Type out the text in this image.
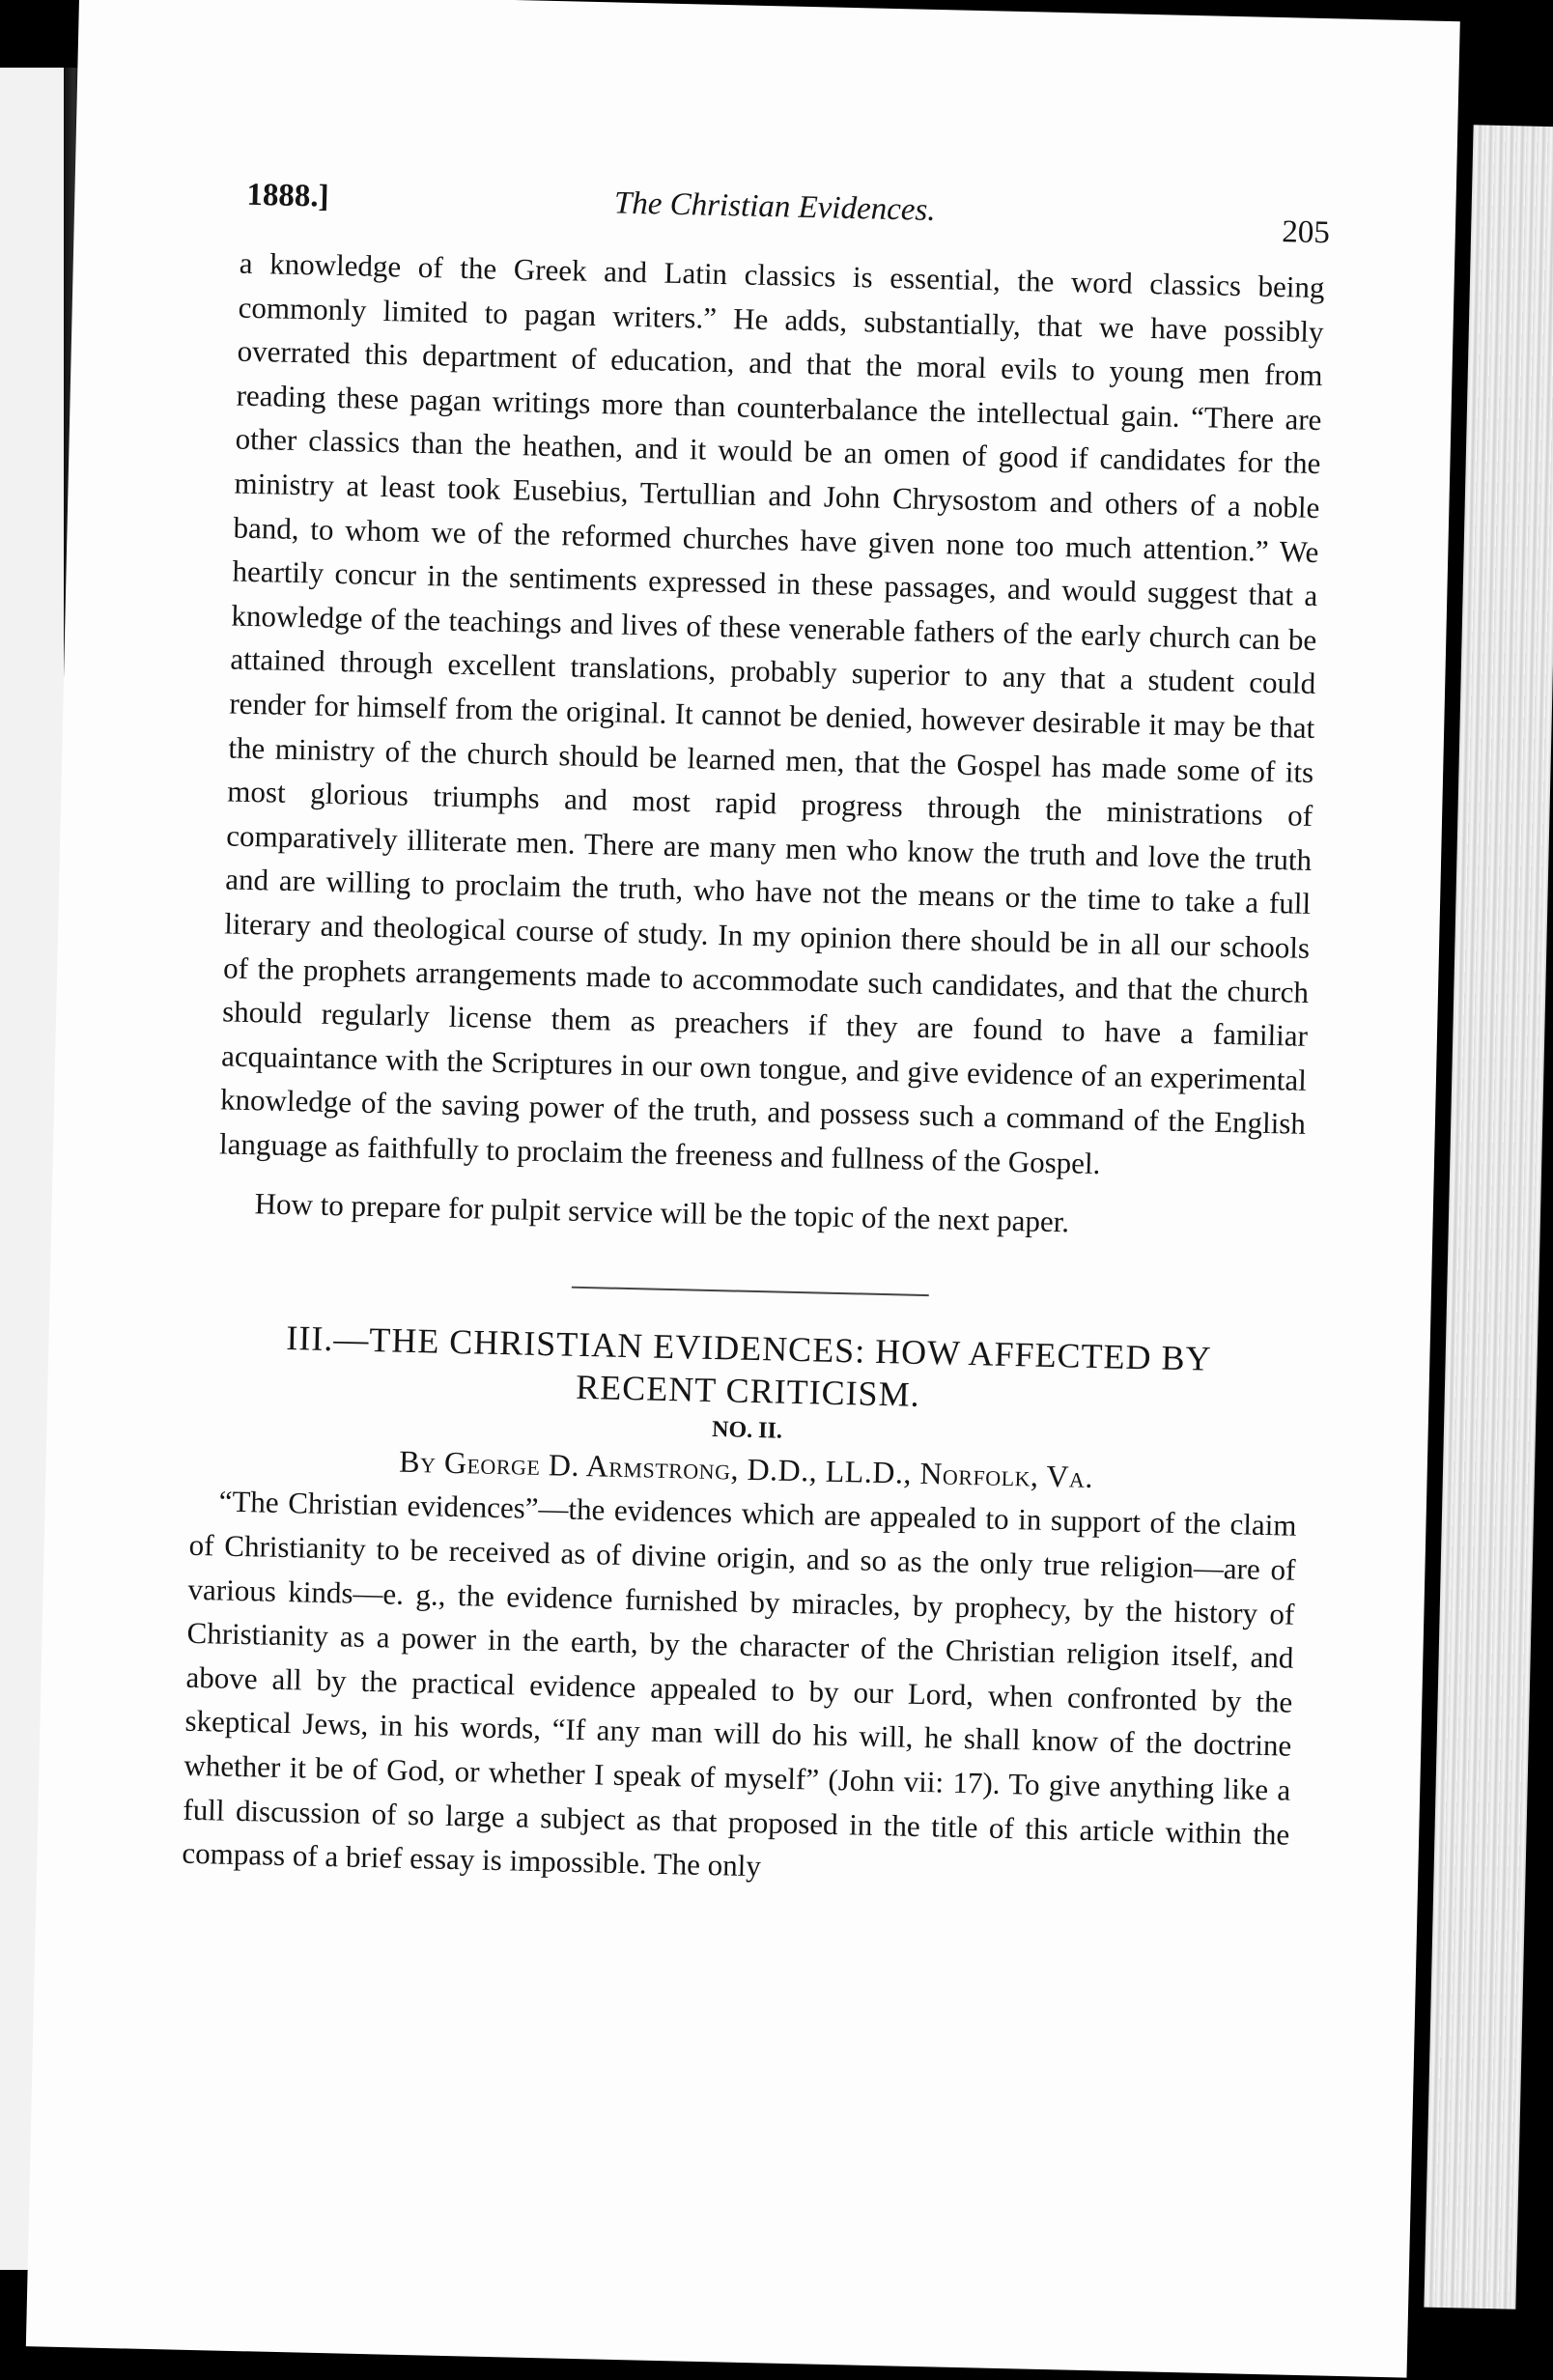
1888.]	The Christian Evidences.
205

a knowledge of the Greek and Latin classics is essential, the word classics being commonly limited to pagan writers.” He adds, substantially, that we have possibly overrated this department of education, and that the moral evils to young men from reading these pagan writings more than counterbalance the intellectual gain. “There are other classics than the heathen, and it would be an omen of good if candidates for the ministry at least took Eusebius, Tertullian and John Chrysostom and others of a noble band, to whom we of the reformed churches have given none too much attention.” We heartily concur in the sentiments expressed in these passages, and would suggest that a knowledge of the teachings and lives of these venerable fathers of the early church can be attained through excellent translations, probably superior to any that a student could render for himself from the original. It cannot be denied, however desirable it may be that the ministry of the church should be learned men, that the Gospel has made some of its most glorious triumphs and most rapid progress through the ministrations of comparatively illiterate men. There are many men who know the truth and love the truth and are willing to proclaim the truth, who have not the means or the time to take a full literary and theological course of study. In my opinion there should be in all our schools of the prophets arrangements made to accommodate such candidates, and that the church should regularly license them as preachers if they are found to have a familiar acquaintance with the Scriptures in our own tongue, and give evidence of an experimental knowledge of the saving power of the truth, and possess such a command of the English language as faithfully to proclaim the freeness and fullness of the Gospel.

How to prepare for pulpit service will be the topic of the next paper.

III.—THE CHRISTIAN EVIDENCES: HOW AFFECTED BY

RECENT CRITICISM.

NO. II.

By George D. Armstrong, D.D., LL.D., Norfolk, Va.

“The Christian evidences”—the evidences which are appealed to in support of the claim of Christianity to be received as of divine origin, and so as the only true religion—are of various kinds—e. g., the evidence furnished by miracles, by prophecy, by the history of Christianity as a power in the earth, by the character of the Christian religion itself, and above all by the practical evidence appealed to by our Lord, when confronted by the skeptical Jews, in his words, “If any man will do his will, he shall know of the doctrine whether it be of God, or whether I speak of myself” (John vii: 17). To give anything like a full discussion of so large a subject as that proposed in the title of this article within the compass of a brief essay is impossible. The only
